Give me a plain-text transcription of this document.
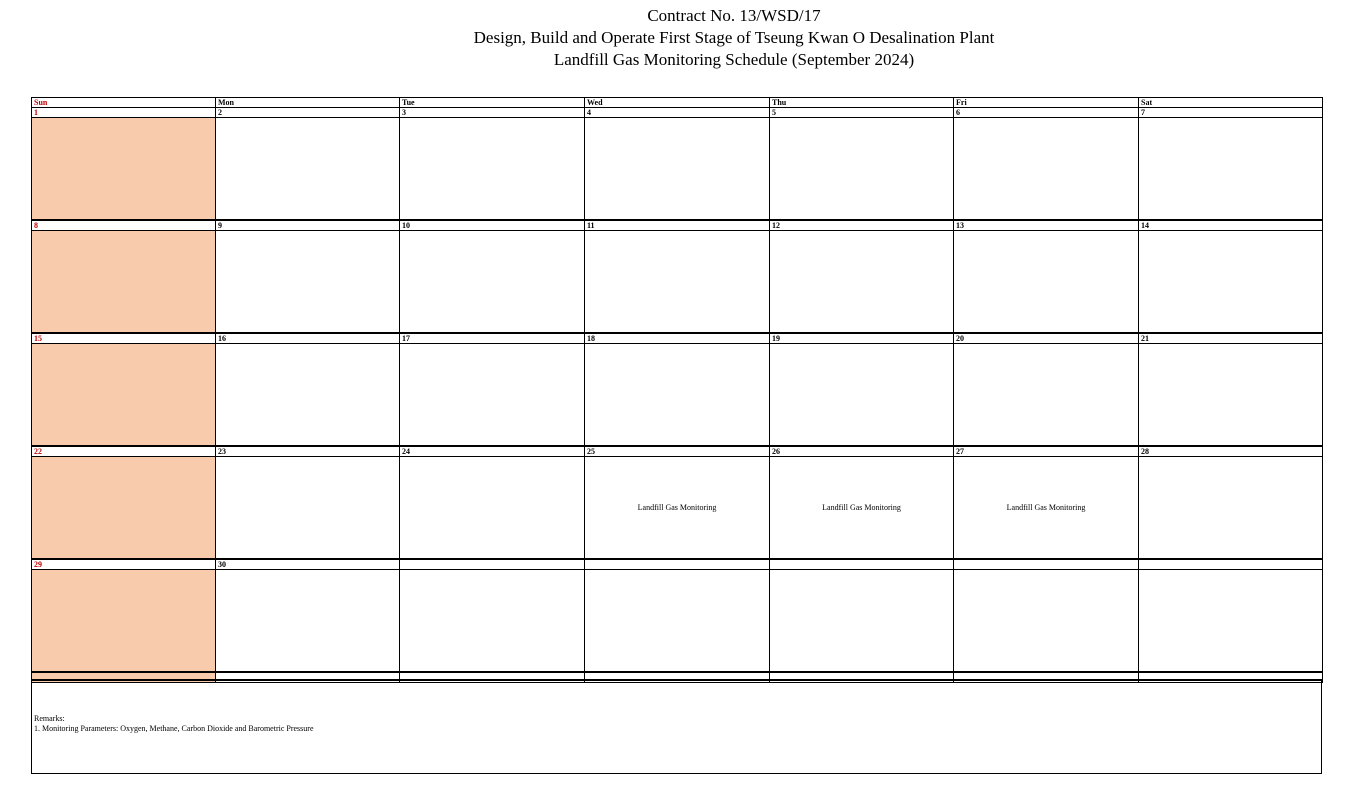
Contract No. 13/WSD/17
Design, Build and Operate First Stage of Tseung Kwan O Desalination Plant
Landfill Gas Monitoring Schedule (September 2024)
Sun	Mon	Tue	Wed	Thu	Fri	Sat
1	2	3	4	5	6	7

8	9	10	11	12	13	14

15	16	17	18	19	20	21

22	23	24	25	26	27	28

			Landfill Gas Monitoring	Landfill Gas Monitoring	Landfill Gas Monitoring	

29	30					

Remarks:
1. Monitoring Parameters: Oxygen, Methane, Carbon Dioxide and Barometric Pressure
